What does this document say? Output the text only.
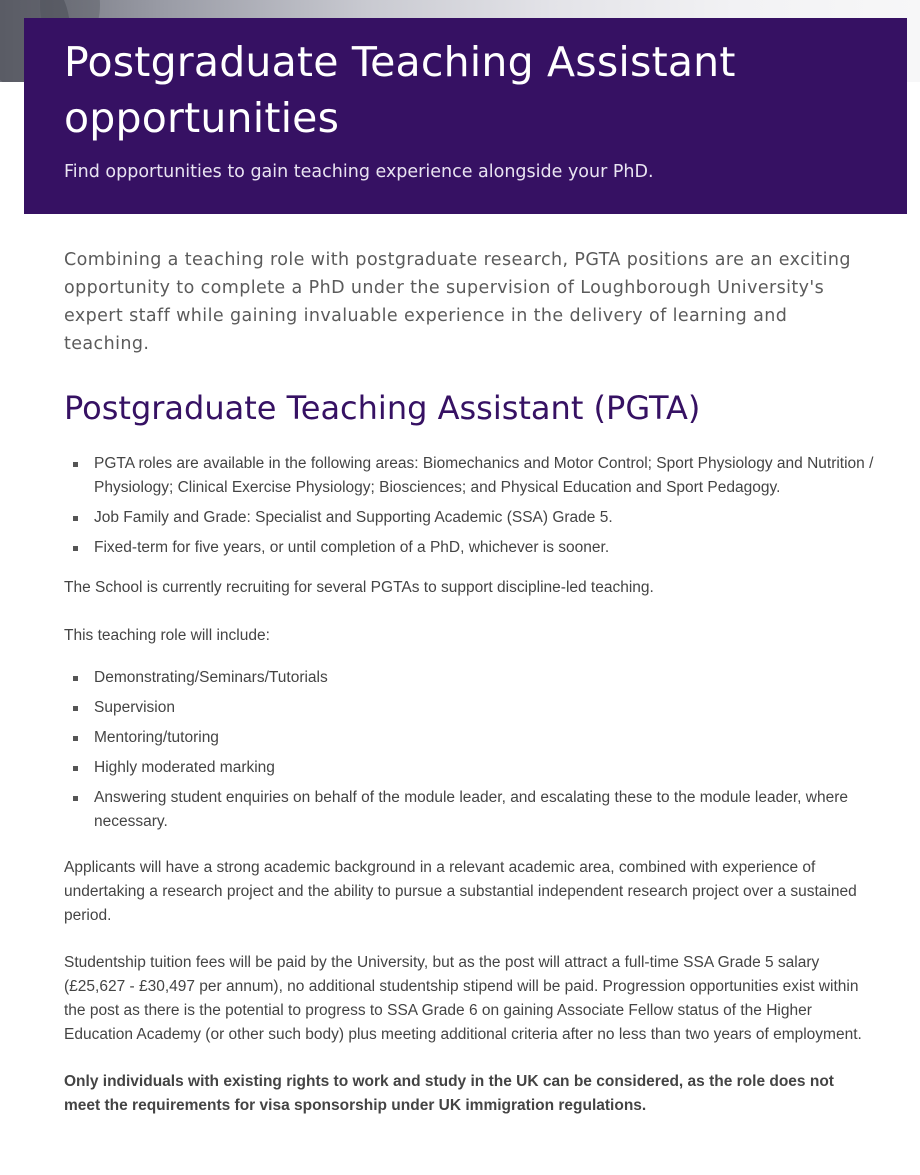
Postgraduate Teaching Assistant opportunities

Find opportunities to gain teaching experience alongside your PhD.

Combining a teaching role with postgraduate research, PGTA positions are an exciting opportunity to complete a PhD under the supervision of Loughborough University's expert staff while gaining invaluable experience in the delivery of learning and teaching.

Postgraduate Teaching Assistant (PGTA)
PGTA roles are available in the following areas: Biomechanics and Motor Control; Sport Physiology and Nutrition / Physiology; Clinical Exercise Physiology; Biosciences; and Physical Education and Sport Pedagogy.
Job Family and Grade: Specialist and Supporting Academic (SSA) Grade 5.
Fixed-term for five years, or until completion of a PhD, whichever is sooner.

The School is currently recruiting for several PGTAs to support discipline-led teaching.

This teaching role will include:

Demonstrating/Seminars/Tutorials
Supervision
Mentoring/tutoring
Highly moderated marking
Answering student enquiries on behalf of the module leader, and escalating these to the module leader, where necessary.

Applicants will have a strong academic background in a relevant academic area, combined with experience of undertaking a research project and the ability to pursue a substantial independent research project over a sustained period.

Studentship tuition fees will be paid by the University, but as the post will attract a full-time SSA Grade 5 salary (£25,627 - £30,497 per annum), no additional studentship stipend will be paid. Progression opportunities exist within the post as there is the potential to progress to SSA Grade 6 on gaining Associate Fellow status of the Higher Education Academy (or other such body) plus meeting additional criteria after no less than two years of employment.

Only individuals with existing rights to work and study in the UK can be considered, as the role does not meet the requirements for visa sponsorship under UK immigration regulations.
